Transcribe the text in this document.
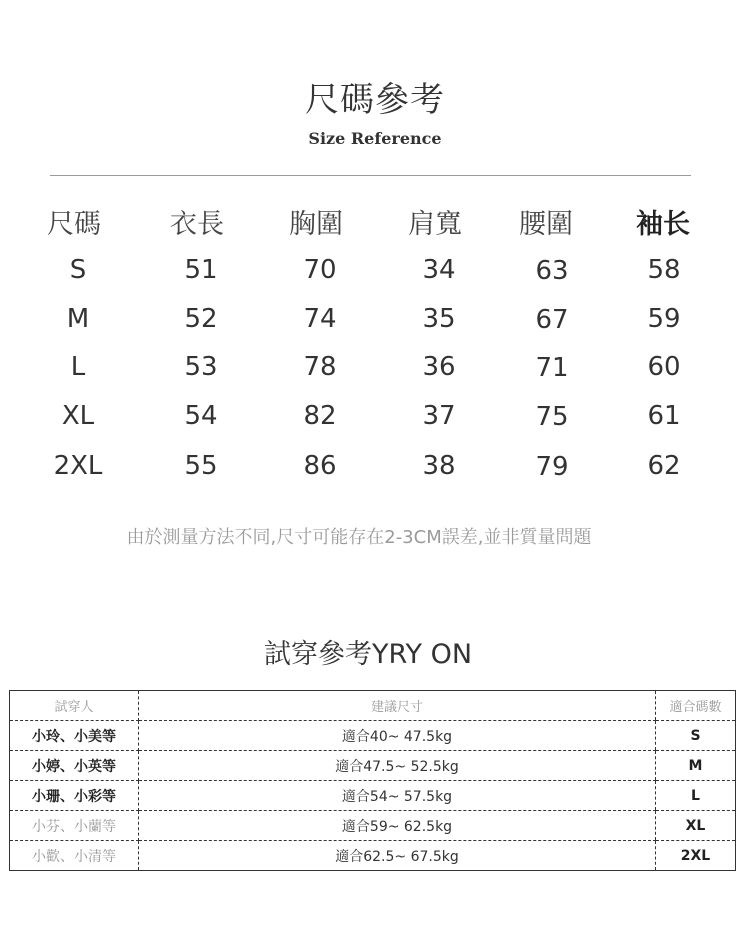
尺碼參考
Size Reference
尺碼	衣長	胸圍	肩寬	腰圍	袖长
S	51	70	34	63	58
M	52	74	35	67	59
L	53	78	36	71	60
XL	54	82	37	75	61
2XL	55	86	38	79	62
由於測量方法不同,尺寸可能存在2-3CM誤差,並非質量問題
試穿參考YRY ON
試穿人	建議尺寸	適合碼數
小玲、小美等	適合40~ 47.5kg	S
小婷、小英等	適合47.5~ 52.5kg	M
小珊、小彩等	適合54~ 57.5kg	L
小芬、小蘭等	適合59~ 62.5kg	XL
小歡、小清等	適合62.5~ 67.5kg	2XL
